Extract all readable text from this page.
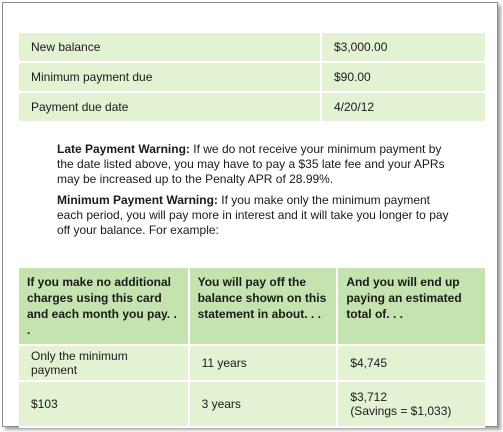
New balance	$3,000.00
Minimum payment due	$90.00
Payment due date	4/20/12

Late Payment Warning: If we do not receive your minimum payment by the date listed above, you may have to pay a $35 late fee and your APRs may be increased up to the Penalty APR of 28.99%.

Minimum Payment Warning: If you make only the minimum payment each period, you will pay more in interest and it will take you longer to pay off your balance. For example:

If you make no additional charges using this card and each month you pay. . .	You will pay off the balance shown on this statement in about. . .	And you will end up paying an estimated total of. . .
Only the minimum payment	11 years	$4,745

$103	3 years	$3,712
(Savings = $1,033)
